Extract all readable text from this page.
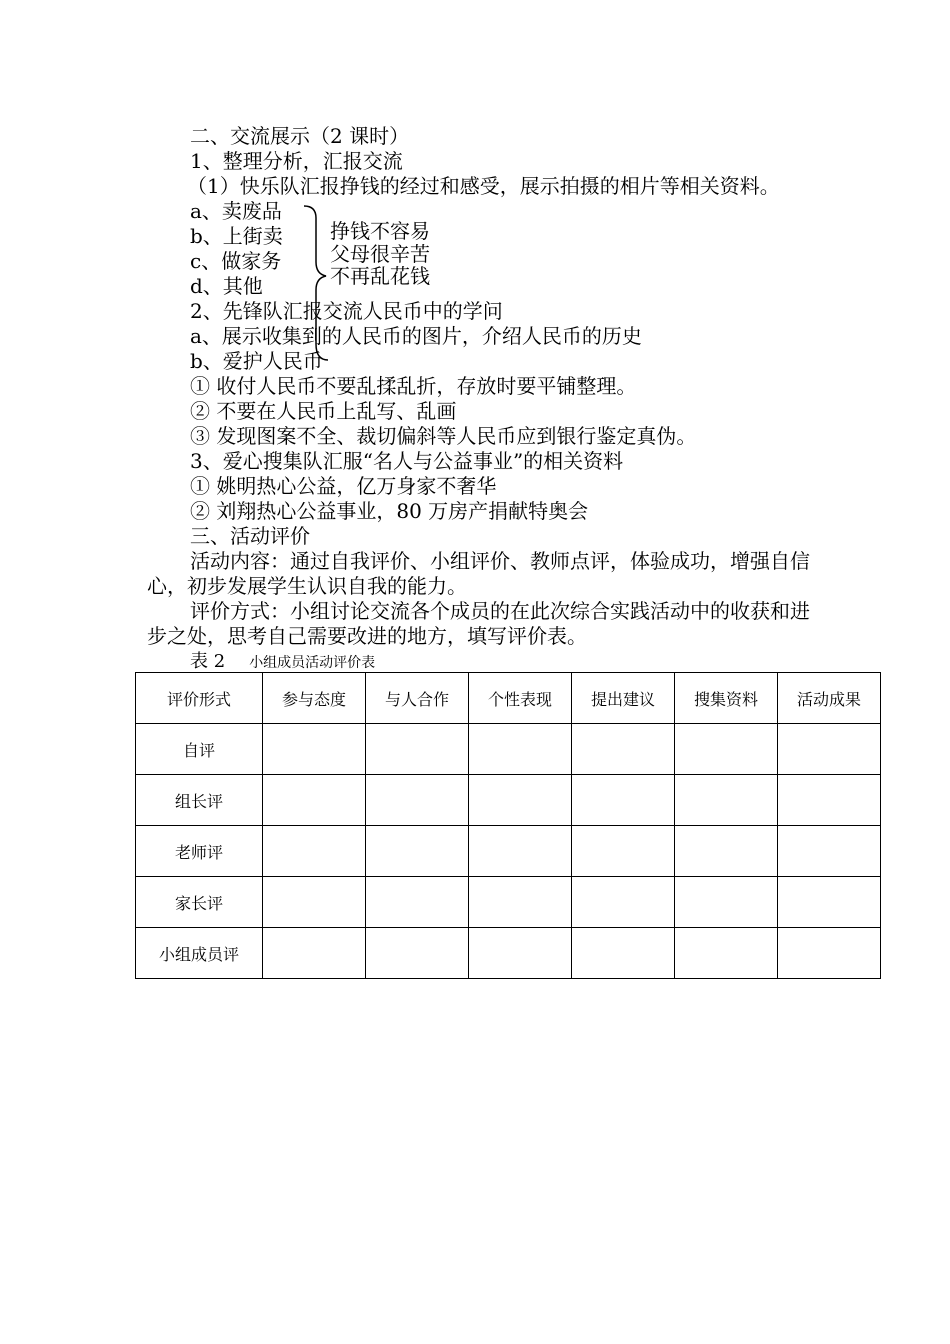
二、交流展示（2 课时）
1、整理分析，汇报交流
（1）快乐队汇报挣钱的经过和感受，展示拍摄的相片等相关资料。
a、卖废品
b、上街卖
c、做家务
d、其他
挣钱不容易
父母很辛苦
不再乱花钱
2、先锋队汇报交流人民币中的学问
a、展示收集到的人民币的图片，介绍人民币的历史
b、爱护人民币
① 收付人民币不要乱揉乱折，存放时要平铺整理。
② 不要在人民币上乱写、乱画
③ 发现图案不全、裁切偏斜等人民币应到银行鉴定真伪。
3、爱心搜集队汇服“名人与公益事业”的相关资料
① 姚明热心公益，亿万身家不奢华
② 刘翔热心公益事业，80 万房产捐献特奥会
三、活动评价
活动内容：通过自我评价、小组评价、教师点评，体验成功，增强自信心，初步发展学生认识自我的能力。
评价方式：小组讨论交流各个成员的在此次综合实践活动中的收获和进步之处，思考自己需要改进的地方，填写评价表。
表 2 小组成员活动评价表
评价形式	参与态度	与人合作	个性表现	提出建议	搜集资料	活动成果
自评						
组长评						
老师评						
家长评						
小组成员评						
